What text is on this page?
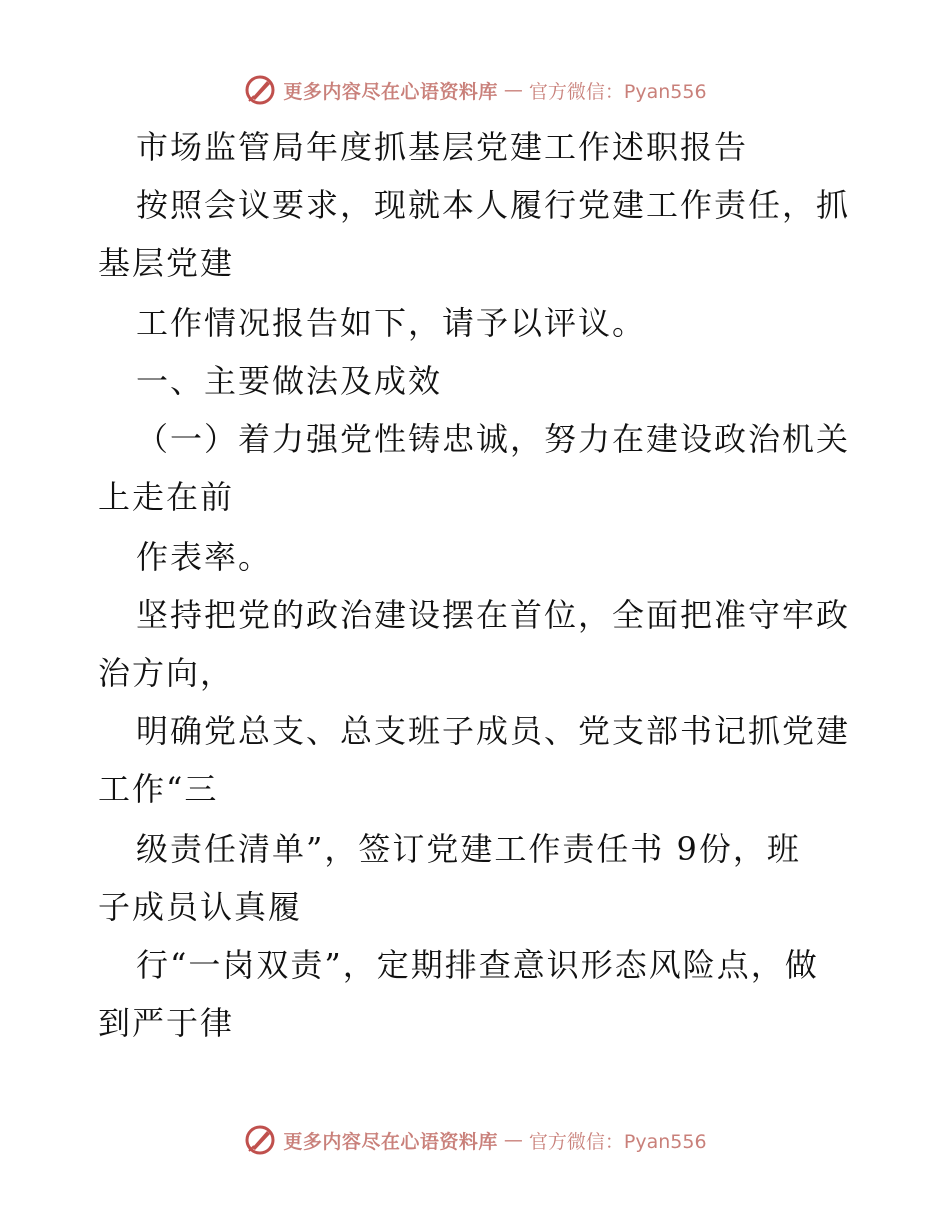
更多内容尽在心语资料库 — 官方微信：Pyan556
市场监管局年度抓基层党建工作述职报告
按照会议要求，现就本人履行党建工作责任，抓
基层党建
工作情况报告如下，请予以评议。
一、主要做法及成效
（一）着力强党性铸忠诚，努力在建设政治机关
上走在前
作表率。
坚持把党的政治建设摆在首位，全面把准守牢政
治方向，
明确党总支、总支班子成员、党支部书记抓党建
工作“三
级责任清单”，签订党建工作责任书 9份，班
子成员认真履
行“一岗双责”，定期排查意识形态风险点，做
到严于律
更多内容尽在心语资料库 — 官方微信：Pyan556
